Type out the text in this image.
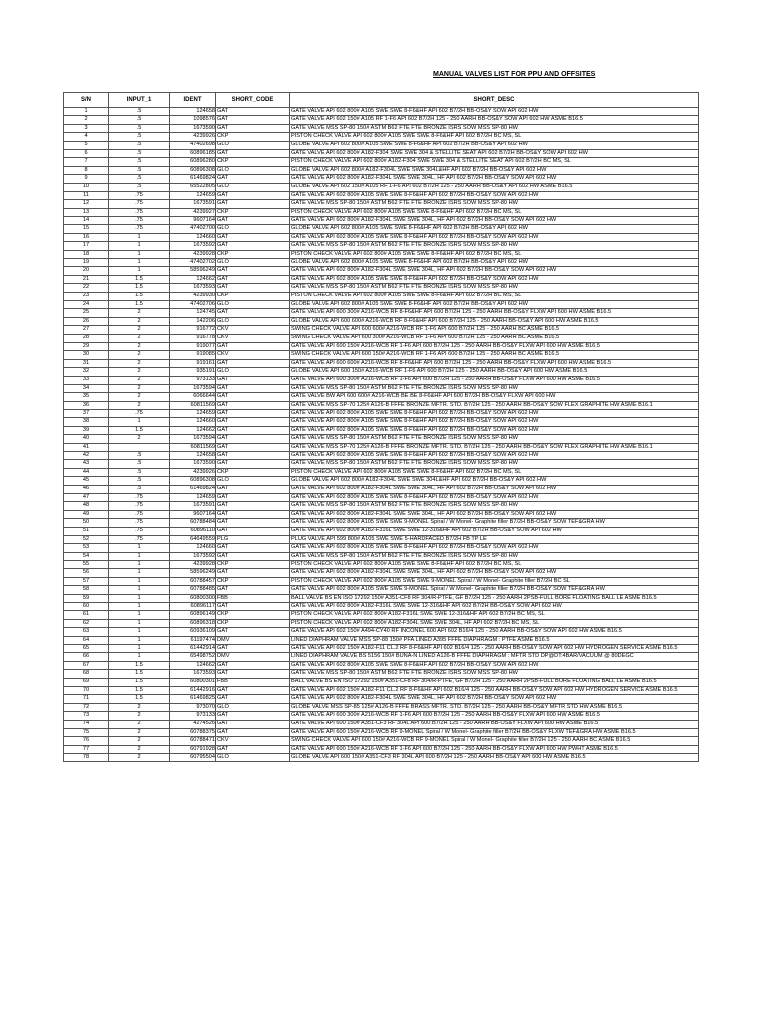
MANUAL VALVES LIST FOR PPU AND OFFSITES
S/N	INPUT_1	IDENT	SHORT_CODE	SHORT_DESC
1	.5	124658	GAT	GATE VALVE API 602 800# A105 SWE SWE 8-F6&HF API 602 B7/2H BB-OS&Y SOW API 602 HW
2	.5	1098576	GAT	GATE VALVE API 602 150# A105 RF 1-F6 API 602 B7/2H 125 - 250 AARH BB-OS&Y SOW API 602 HW ASME B16.5
3	.5	1673590	GAT	GATE VALVE MSS SP-80 150# ASTM B62 FTE FTE BRONZE ISRS SOW MSS SP-80 HW
4	.5	4239926	CKP	PISTON CHECK VALVE API 602 800# A105 SWE SWE 8-F6&HF API 602 B7/2H BC MS, SL
5	.5	47402698	GLO	GLOBE VALVE API 602 800# A105 SWE SWE 8-F6&HF API 602 B7/2H BB-OS&Y API 602 HW
6	.5	60896185	GAT	GATE VALVE API 602 800# A182-F304 SWE SWE 304 & STELLITE SEAT API 602 B7/2H BB-OS&Y SOW API 602 HW
7	.5	60896280	CKP	PISTON CHECK VALVE API 602 800# A182-F304 SWE SWE 304 & STELLITE SEAT API 602 B7/2H BC MS, SL
8	.5	60896308	GLO	GLOBE VALVE API 602 800# A182-F304L SWE SWE 304L&HF API 602 B7/2H BB-OS&Y API 602 HW
9	.5	61469824	GAT	GATE VALVE API 602 800# A182-F304L SWE SWE 304L, HF API 602 B7/2H BB-OS&Y SOW API 602 HW
10	.5	65522805	GLO	GLOBE VALVE API 602 150# A105 RF 1-F6 API 602 B7/2H 125 - 250 AARH BB-OS&Y API 602 HW ASME B16.5
11	.75	124659	GAT	GATE VALVE API 602 800# A105 SWE SWE 8-F6&HF API 602 B7/2H BB-OS&Y SOW API 602 HW
12	.75	1673591	GAT	GATE VALVE MSS SP-80 150# ASTM B62 FTE FTE BRONZE ISRS SOW MSS SP-80 HW
13	.75	4239927	CKP	PISTON CHECK VALVE API 602 800# A105 SWE SWE 8-F6&HF API 602 B7/2H BC MS, SL
14	.75	9607164	GAT	GATE VALVE API 602 800# A182-F304L SWE SWE 304L, HF API 602 B7/2H BB-OS&Y SOW API 602 HW
15	.75	47402700	GLO	GLOBE VALVE API 602 800# A105 SWE SWE 8-F6&HF API 602 B7/2H BB-OS&Y API 602 HW
16	1	124660	GAT	GATE VALVE API 602 800# A105 SWE SWE 8-F6&HF API 602 B7/2H BB-OS&Y SOW API 602 HW
17	1	1673592	GAT	GATE VALVE MSS SP-80 150# ASTM B62 FTE FTE BRONZE ISRS SOW MSS SP-80 HW
18	1	4239928	CKP	PISTON CHECK VALVE API 602 800# A105 SWE SWE 8-F6&HF API 602 B7/2H BC MS, SL
19	1	47402702	GLO	GLOBE VALVE API 602 800# A105 SWE SWE 8-F6&HF API 602 B7/2H BB-OS&Y API 602 HW
20	1	58596249	GAT	GATE VALVE API 602 800# A182-F304L SWE SWE 304L, HF API 602 B7/2H BB-OS&Y SOW API 602 HW
21	1.5	124662	GAT	GATE VALVE API 602 800# A105 SWE SWE 8-F6&HF API 602 B7/2H BB-OS&Y SOW API 602 HW
22	1.5	1673593	GAT	GATE VALVE MSS SP-80 150# ASTM B62 FTE FTE BRONZE ISRS SOW MSS SP-80 HW
23	1.5	4239930	CKP	PISTON CHECK VALVE API 602 800# A105 SWE SWE 8-F6&HF API 602 B7/2H BC MS, SL
24	1.5	47402706	GLO	GLOBE VALVE API 602 800# A105 SWE SWE 8-F6&HF API 602 B7/2H BB-OS&Y API 602 HW
25	2	124745	GAT	GATE VALVE API 600 300# A216-WCB RF 8-F6&HF API 600 B7/2H 125 - 250 AARH BB-OS&Y FLXW API 600 HW ASME B16.5
26	2	142206	GLO	GLOBE VALVE API 600 600# A216-WCB RF 8-F6&HF API 600 B7/2H 125 - 250 AARH BB-OS&Y API 600 HW ASME B16.5
27	2	916772	CKV	SWING CHECK VALVE API 600 600# A216-WCB RF 1-F6 API 600 B7/2H 125 - 250 AARH BC ASME B16.5
28	2	916778	CKV	SWING CHECK VALVE API 600 300# A216-WCB RF 1-F6 API 600 B7/2H 125 - 250 AARH BC ASME B16.5
29	2	919077	GAT	GATE VALVE API 600 150# A216-WCB RF 1-F6 API 600 B7/2H 125 - 250 AARH BB-OS&Y FLXW API 600 HW ASME B16.5
30	2	919085	CKV	SWING CHECK VALVE API 600 150# A216-WCB RF 1-F6 API 600 B7/2H 125 - 250 AARH BC ASME B16.5
31	2	919161	GAT	GATE VALVE API 600 600# A216-WCB RF 8-F6&HF API 600 B7/2H 125 - 250 AARH BB-OS&Y FLXW API 600 HW ASME B16.5
32	2	935191	GLO	GLOBE VALVE API 600 150# A216-WCB RF 1-F6 API 600 B7/2H 125 - 250 AARH BB-OS&Y API 600 HW ASME B16.5
33	2	973133	GAT	GATE VALVE API 600 300# A216-WCB RF 1-F6 API 600 B7/2H 125 - 250 AARH BB-OS&Y FLXW API 600 HW ASME B16.5
34	2	1673594	GAT	GATE VALVE MSS SP-80 150# ASTM B62 FTE FTE BRONZE ISRS SOW MSS SP-80 HW
35	2	6066644	GAT	GATE VALVE BW API 600 600# A216-WCB BE BE 8-F6&HF API 600 B7/2H BB-OS&Y FLXW API 600 HW
36	2	60811569	GAT	GATE VALVE MSS SP-70 125# A126-B FFFE BRONZE MFTR. STD. B7/2H 125 - 250 AARH BB-OS&Y SOW FLEX GRAPHITE HW ASME B16.1
37	.75	124659	GAT	GATE VALVE API 602 800# A105 SWE SWE 8-F6&HF API 602 B7/2H BB-OS&Y SOW API 602 HW
38	1	124660	GAT	GATE VALVE API 602 800# A105 SWE SWE 8-F6&HF API 602 B7/2H BB-OS&Y SOW API 602 HW
39	1.5	124662	GAT	GATE VALVE API 602 800# A105 SWE SWE 8-F6&HF API 602 B7/2H BB-OS&Y SOW API 602 HW
40	2	1673594	GAT	GATE VALVE MSS SP-80 150# ASTM B62 FTE FTE BRONZE ISRS SOW MSS SP-80 HW
41		60811569	GAT	GATE VALVE MSS SP-70 125# A126-B FFFE BRONZE MFTR. STD. B7/2H 125 - 250 AARH BB-OS&Y SOW FLEX GRAPHITE HW ASME B16.1
42	.5	124658	GAT	GATE VALVE API 602 800# A105 SWE SWE 8-F6&HF API 602 B7/2H BB-OS&Y SOW API 602 HW
43	.5	1673590	GAT	GATE VALVE MSS SP-80 150# ASTM B62 FTE FTE BRONZE ISRS SOW MSS SP-80 HW
44	.5	4239926	CKP	PISTON CHECK VALVE API 602 800# A105 SWE SWE 8-F6&HF API 602 B7/2H BC MS, SL
45	.5	60896308	GLO	GLOBE VALVE API 602 800# A182-F304L SWE SWE 304L&HF API 602 B7/2H BB-OS&Y API 602 HW
46	.5	61469824	GAT	GATE VALVE API 602 800# A182-F304L SWE SWE 304L, HF API 602 B7/2H BB-OS&Y SOW API 602 HW
47	.75	124659	GAT	GATE VALVE API 602 800# A105 SWE SWE 8-F6&HF API 602 B7/2H BB-OS&Y SOW API 602 HW
48	.75	1673591	GAT	GATE VALVE MSS SP-80 150# ASTM B62 FTE FTE BRONZE ISRS SOW MSS SP-80 HW
49	.75	9607164	GAT	GATE VALVE API 602 800# A182-F304L SWE SWE 304L, HF API 602 B7/2H BB-OS&Y SOW API 602 HW
50	.75	60788484	GAT	GATE VALVE API 602 800# A105 SWE SWE 9-MONEL Spiral / W Monel- Graphite filler B7/2H BB-OS&Y SOW TEF&GRA HW
51	.75	60896110	GAT	GATE VALVE API 602 800# A182-F316L SWE SWE 12-316&HF API 602 B7/2H BB-OS&Y SOW API 602 HW
52	.75	64649559	PLG	PLUG VALVE API 599 800# A105 SWE SWE 5-HARDFACED B7/2H FB TP LE
53	1	124660	GAT	GATE VALVE API 602 800# A105 SWE SWE 8-F6&HF API 602 B7/2H BB-OS&Y SOW API 602 HW
54	1	1673592	GAT	GATE VALVE MSS SP-80 150# ASTM B62 FTE FTE BRONZE ISRS SOW MSS SP-80 HW
55	1	4239928	CKP	PISTON CHECK VALVE API 602 800# A105 SWE SWE 8-F6&HF API 602 B7/2H BC MS, SL
56	1	58596249	GAT	GATE VALVE API 602 800# A182-F304L SWE SWE 304L, HF API 602 B7/2H BB-OS&Y SOW API 602 HW
57	1	60788457	CKP	PISTON CHECK VALVE API 602 800# A105 SWE SWE 9-MONEL Spiral / W Monel- Graphite filler B7/2H BC SL
58	1	60788485	GAT	GATE VALVE API 602 800# A105 SWE SWE 9-MONEL Spiral / W Monel- Graphite filler B7/2H BB-OS&Y SOW TEF&GRA HW
59	1	60800300	FBB	BALL VALVE BS EN ISO 17292 150# A351-CF8 RF 304/R-PTFE, GF B7/2H 125 - 250 AARH 2PSB-FULL BORE FLOATING BALL LE ASME B16.5
60	1	60896117	GAT	GATE VALVE API 602 800# A182-F316L SWE SWE 12-316&HF API 602 B7/2H BB-OS&Y SOW API 602 HW
61	1	60896149	CKP	PISTON CHECK VALVE API 602 800# A182-F316L SWE SWE 12-316&HF API 602 B7/2H BC MS, SL
62	1	60896318	CKP	PISTON CHECK VALVE API 602 800# A182-F304L SWE SWE 304L, HF API 602 B7/2H BC MS, SL
63	1	60936109	GAT	GATE VALVE API 602 150# A494-CY40 RF INCONEL 600 API 602 B16/4 125 - 250 AARH BB-OS&Y SOW API 602 HW ASME B16.5
64	1	61197474	DMV	LINED DIAPHRAM VALVE MSS SP-88 150# PFA LINED A395 FFFE DIAPHRAGM : PTFE ASME B16.5
65	1	61442914	GAT	GATE VALVE API 602 150# A182-F11 CL.2 RF 8-F6&HF API 602 B16/4 125 - 250 AARH BB-OS&Y SOW API 602 HW HYDROGEN SERVICE ASME B16.5
66	1	65498752	DMV	LINED DIAPHRAM VALVE BS 5156 150# BUNA-N LINED A126-B FFFE DIAPHRAGM : MFTR STD DP@DT:4BAR/VACUUM @ 80DEGC
67	1.5	124662	GAT	GATE VALVE API 602 800# A105 SWE SWE 8-F6&HF API 602 B7/2H BB-OS&Y SOW API 602 HW
68	1.5	1673593	GAT	GATE VALVE MSS SP-80 150# ASTM B62 FTE FTE BRONZE ISRS SOW MSS SP-80 HW
69	1.5	60800301	FBB	BALL VALVE BS EN ISO 17292 150# A351-CF8 RF 304/R-PTFE, GF B7/2H 125 - 250 AARH 2PSB-FULL BORE FLOATING BALL LE ASME B16.5
70	1.5	61442916	GAT	GATE VALVE API 602 150# A182-F11 CL.2 RF 8-F6&HF API 602 B16/4 125 - 250 AARH BB-OS&Y SOW API 602 HW HYDROGEN SERVICE ASME B16.5
71	1.5	61469825	GAT	GATE VALVE API 602 800# A182-F304L SWE SWE 304L, HF API 602 B7/2H BB-OS&Y SOW API 602 HW
72	2	973070	GLO	GLOBE VALVE MSS SP-85 125# A126-B FFFE BRASS MFTR. STD. B7/2H 125 - 250 AARH BB-OS&Y MFTR STD HW ASME B16.5
73	2	973133	GAT	GATE VALVE API 600 300# A216-WCB RF 1-F6 API 600 B7/2H 125 - 250 AARH BB-OS&Y FLXW API 600 HW ASME B16.5
74	2	4274526	GAT	GATE VALVE API 600 150# A351-CF3 RF 304L API 600 B7/2H 125 - 250 AARH BB-OS&Y FLXW API 600 HW ASME B16.5
75	2	60788375	GAT	GATE VALVE API 600 150# A216-WCB RF 9-MONEL Spiral / W Monel- Graphite filler B7/2H BB-OS&Y FLXW TEF&GRA HW ASME B16.5
76	2	60788471	CKV	SWING CHECK VALVE API 600 150# A216-WCB RF 9-MONEL Spiral / W Monel- Graphite filler B7/2H 125 - 250 AARH BC ASME B16.5
77	2	60791928	GAT	GATE VALVE API 600 150# A216-WCB RF 1-F6 API 600 B7/2H 125 - 250 AARH BB-OS&Y FLXW API 600 HW PWHT ASME B16.5
78	2	60795504	GLO	GLOBE VALVE API 600 150# A351-CF3 RF 304L API 600 B7/2H 125 - 250 AARH BB-OS&Y API 600 HW ASME B16.5
